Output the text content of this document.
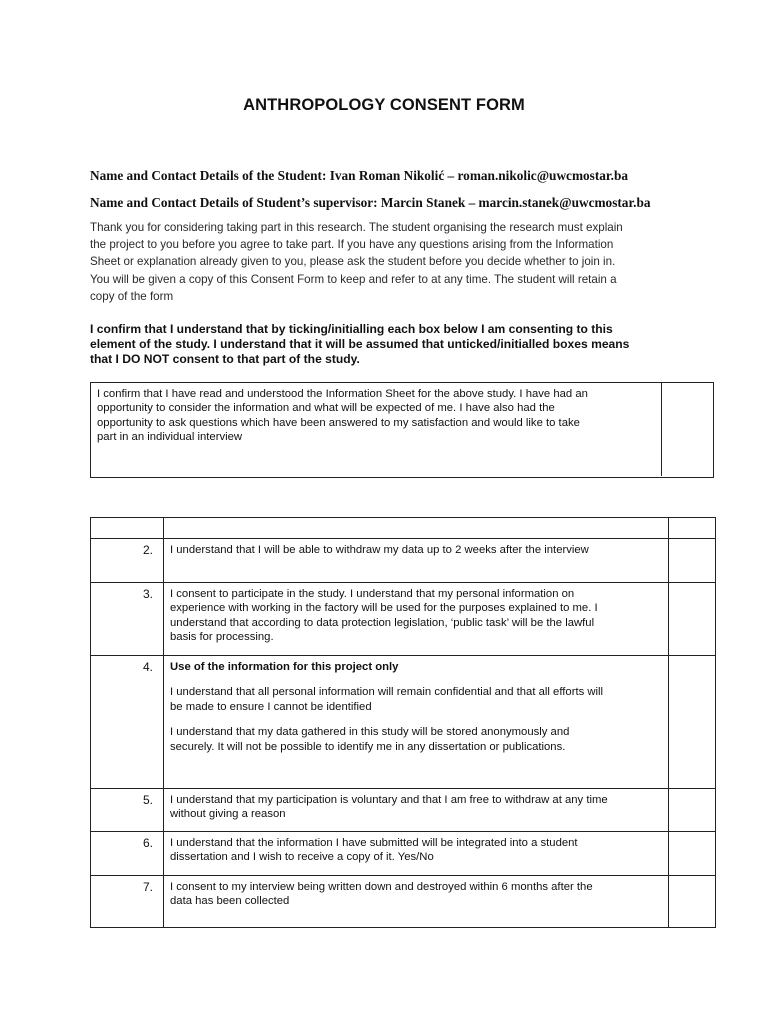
ANTHROPOLOGY CONSENT FORM
Name and Contact Details of the Student: Ivan Roman Nikolić – roman.nikolic@uwcmostar.ba
Name and Contact Details of Student’s supervisor: Marcin Stanek – marcin.stanek@uwcmostar.ba
Thank you for considering taking part in this research. The student organising the research must explain
the project to you before you agree to take part. If you have any questions arising from the Information
Sheet or explanation already given to you, please ask the student before you decide whether to join in.
You will be given a copy of this Consent Form to keep and refer to at any time. The student will retain a
copy of the form
I confirm that I understand that by ticking/initialling each box below I am consenting to this
element of the study. I understand that it will be assumed that unticked/initialled boxes means
that I DO NOT consent to that part of the study.
I confirm that I have read and understood the Information Sheet for the above study. I have had an
opportunity to consider the information and what will be expected of me. I have also had the
opportunity to ask questions which have been answered to my satisfaction and would like to take
part in an individual interview

2.	I understand that I will be able to withdraw my data up to 2 weeks after the interview	

3.	I consent to participate in the study. I understand that my personal information on
experience with working in the factory will be used for the purposes explained to me. I
understand that according to data protection legislation, ‘public task’ will be the lawful
basis for processing.	

4.	Use of the information for this project only
I understand that all personal information will remain confidential and that all efforts will
be made to ensure I cannot be identified
I understand that my data gathered in this study will be stored anonymously and
securely. It will not be possible to identify me in any dissertation or publications.	

5.	I understand that my participation is voluntary and that I am free to withdraw at any time
without giving a reason	

6.	I understand that the information I have submitted will be integrated into a student
dissertation and I wish to receive a copy of it. Yes/No	

7.	I consent to my interview being written down and destroyed within 6 months after the
data has been collected	
